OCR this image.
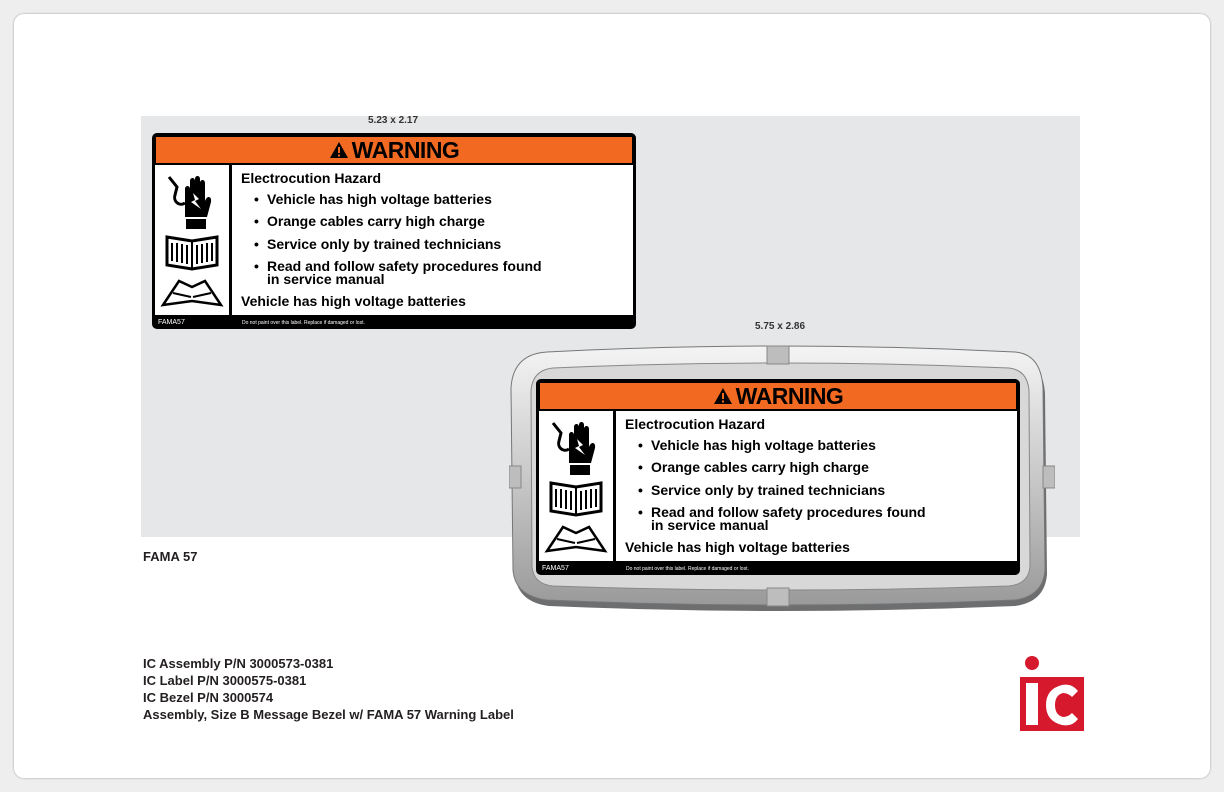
5.23 x 2.17
WARNING
Electrocution Hazard
• Vehicle has high voltage batteries
• Orange cables carry high charge
• Service only by trained technicians
• Read and follow safety procedures found
in service manual
Vehicle has high voltage batteries
FAMA57	Do not paint over this label. Replace if damaged or lost.
FAMA 57
5.75 x 2.86
WARNING
Electrocution Hazard
• Vehicle has high voltage batteries
• Orange cables carry high charge
• Service only by trained technicians
• Read and follow safety procedures found
in service manual
Vehicle has high voltage batteries
FAMA57	Do not paint over this label. Replace if damaged or lost.
IC Assembly P/N 3000573-0381
IC Label P/N 3000575-0381
IC Bezel P/N 3000574
Assembly, Size B Message Bezel w/ FAMA 57 Warning Label
